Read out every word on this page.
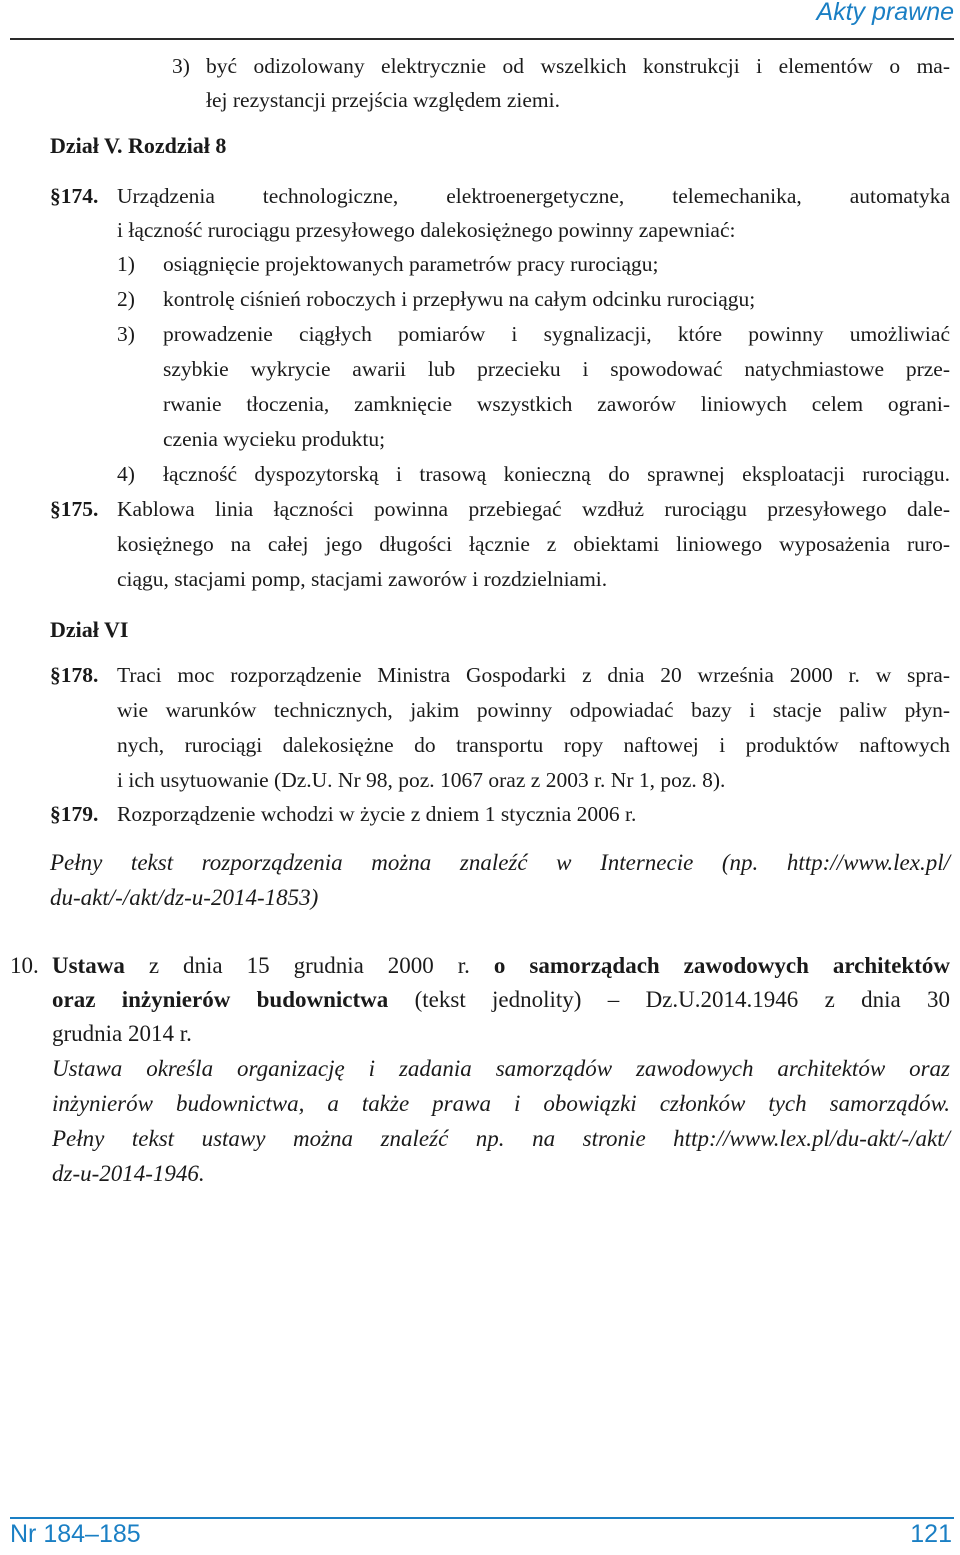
Akty prawne
3) być odizolowany elektrycznie od wszelkich konstrukcji i elementów o ma-
łej rezystancji przejścia względem ziemi.
Dział V. Rozdział 8
§174. Urządzenia technologiczne, elektroenergetyczne, telemechanika, automatyka
i łączność rurociągu przesyłowego dalekosiężnego powinny zapewniać:
1) osiągnięcie projektowanych parametrów pracy rurociągu;
2) kontrolę ciśnień roboczych i przepływu na całym odcinku rurociągu;
3) prowadzenie ciągłych pomiarów i sygnalizacji, które powinny umożliwiać
szybkie wykrycie awarii lub przecieku i spowodować natychmiastowe prze-
rwanie tłoczenia, zamknięcie wszystkich zaworów liniowych celem ograni-
czenia wycieku produktu;
4) łączność dyspozytorską i trasową konieczną do sprawnej eksploatacji rurociągu.
§175. Kablowa linia łączności powinna przebiegać wzdłuż rurociągu przesyłowego dale-
kosiężnego na całej jego długości łącznie z obiektami liniowego wyposażenia ruro-
ciągu, stacjami pomp, stacjami zaworów i rozdzielniami.
Dział VI
§178. Traci moc rozporządzenie Ministra Gospodarki z dnia 20 września 2000 r. w spra-
wie warunków technicznych, jakim powinny odpowiadać bazy i stacje paliw płyn-
nych, rurociągi dalekosiężne do transportu ropy naftowej i produktów naftowych
i ich usytuowanie (Dz.U. Nr 98, poz. 1067 oraz z 2003 r. Nr 1, poz. 8).
§179. Rozporządzenie wchodzi w życie z dniem 1 stycznia 2006 r.
Pełny tekst rozporządzenia można znaleźć w Internecie (np. http://www.lex.pl/
du-akt/-/akt/dz-u-2014-1853)
10. Ustawa z dnia 15 grudnia 2000 r. o samorządach zawodowych architektów
oraz inżynierów budownictwa (tekst jednolity) – Dz.U.2014.1946 z dnia 30
grudnia 2014 r.
Ustawa określa organizację i zadania samorządów zawodowych architektów oraz
inżynierów budownictwa, a także prawa i obowiązki członków tych samorządów.
Pełny tekst ustawy można znaleźć np. na stronie http://www.lex.pl/du-akt/-/akt/
dz-u-2014-1946.
Nr 184–185	121
